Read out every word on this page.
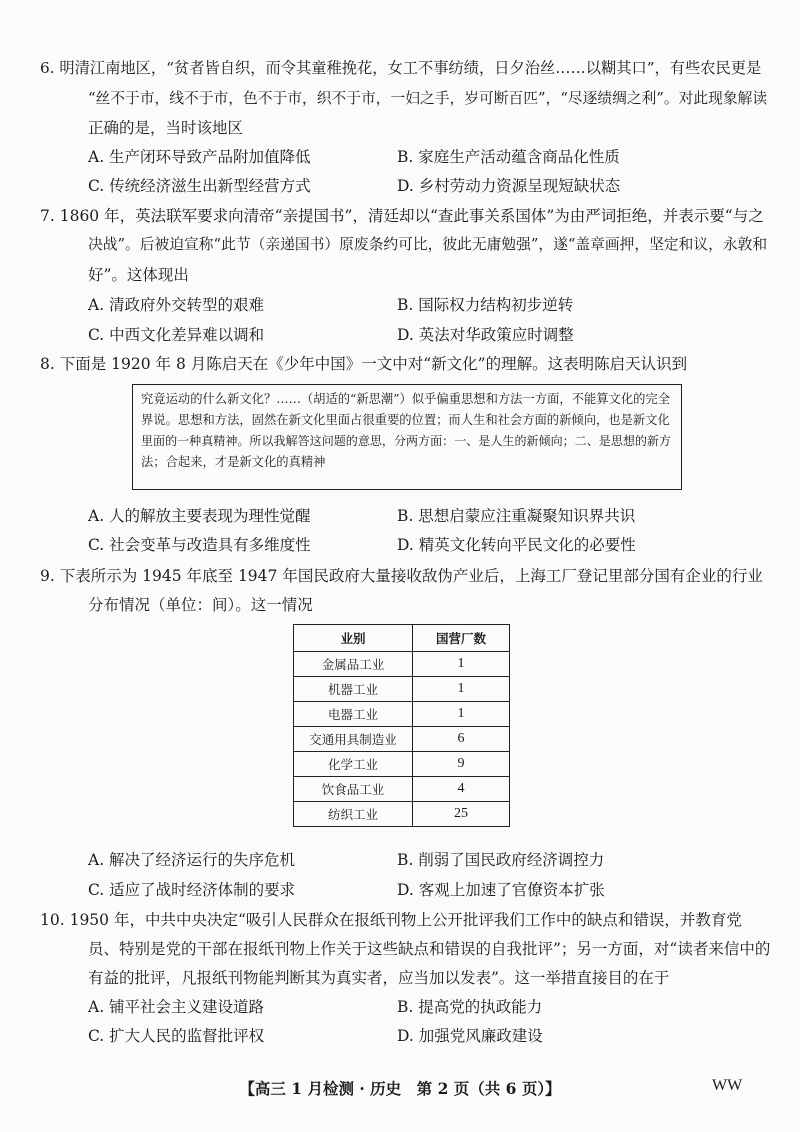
6. 明清江南地区，“贫者皆自织，而令其童稚挽花，女工不事纺绩，日夕治丝……以糊其口”，有些农民更是
“丝不于市，线不于市，色不于市，织不于市，一妇之手，岁可断百匹”，“尽逐绩绸之利”。对此现象解读
正确的是，当时该地区
A. 生产闭环导致产品附加值降低	B. 家庭生产活动蕴含商品化性质
C. 传统经济滋生出新型经营方式	D. 乡村劳动力资源呈现短缺状态
7. 1860 年，英法联军要求向清帝“亲提国书”，清廷却以“查此事关系国体”为由严词拒绝，并表示要“与之
决战”。后被迫宣称“此节（亲递国书）原废条约可比，彼此无庸勉强”，遂“盖章画押，坚定和议，永敦和
好”。这体现出
A. 清政府外交转型的艰难	B. 国际权力结构初步逆转
C. 中西文化差异难以调和	D. 英法对华政策应时调整
8. 下面是 1920 年 8 月陈启天在《少年中国》一文中对“新文化”的理解。这表明陈启天认识到
究竟运动的什么新文化？……（胡适的“新思潮”）似乎偏重思想和方法一方面，不能算文化的完全
界说。思想和方法，固然在新文化里面占很重要的位置；而人生和社会方面的新倾向，也是新文化
里面的一种真精神。所以我解答这问题的意思，分两方面：一、是人生的新倾向；二、是思想的新方
法；合起来，才是新文化的真精神
A. 人的解放主要表现为理性觉醒	B. 思想启蒙应注重凝聚知识界共识
C. 社会变革与改造具有多维度性	D. 精英文化转向平民文化的必要性
9. 下表所示为 1945 年底至 1947 年国民政府大量接收敌伪产业后，上海工厂登记里部分国有企业的行业
分布情况（单位：间）。这一情况
业别	国营厂数
金属品工业	1
机器工业	1
电器工业	1
交通用具制造业	6
化学工业	9
饮食品工业	4
纺织工业	25
A. 解决了经济运行的失序危机	B. 削弱了国民政府经济调控力
C. 适应了战时经济体制的要求	D. 客观上加速了官僚资本扩张
10. 1950 年，中共中央决定“吸引人民群众在报纸刊物上公开批评我们工作中的缺点和错误，并教育党
员、特别是党的干部在报纸刊物上作关于这些缺点和错误的自我批评”；另一方面，对“读者来信中的
有益的批评，凡报纸刊物能判断其为真实者，应当加以发表”。这一举措直接目的在于
A. 铺平社会主义建设道路	B. 提高党的执政能力
C. 扩大人民的监督批评权	D. 加强党风廉政建设
【高三 1 月检测 · 历史　第 2 页（共 6 页）】	WW
